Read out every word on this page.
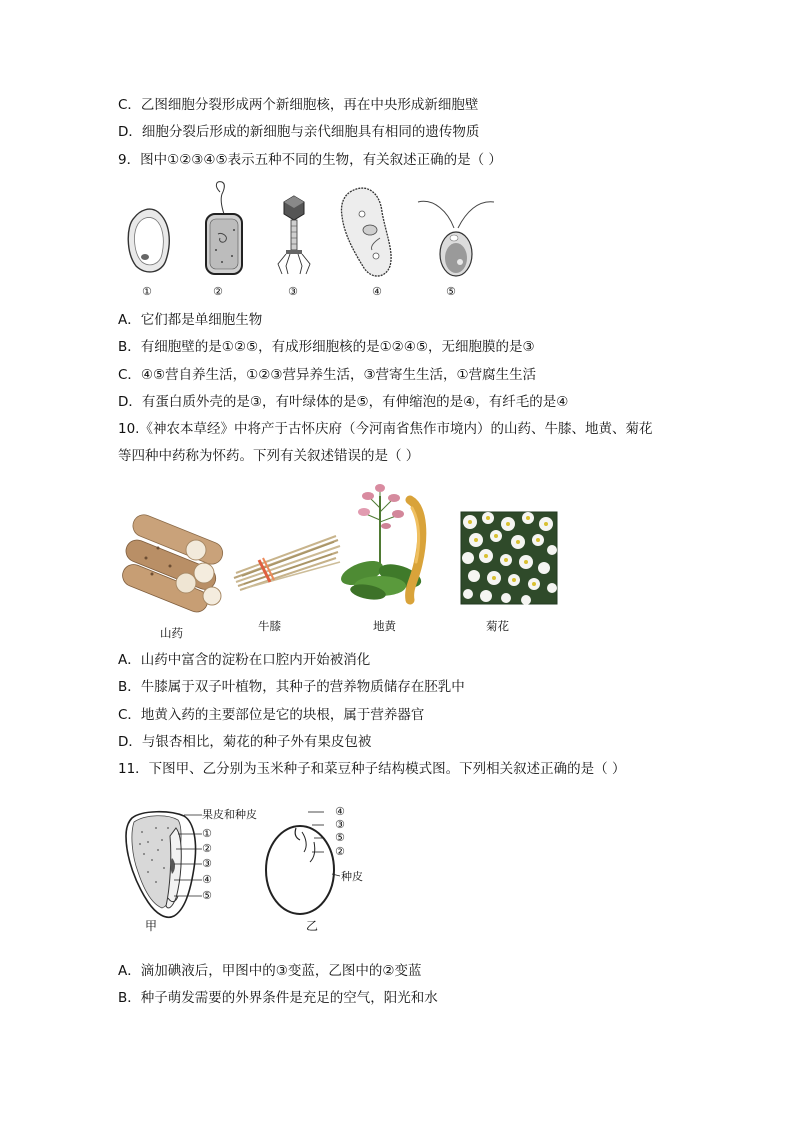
C．乙图细胞分裂形成两个新细胞核，再在中央形成新细胞壁
D．细胞分裂后形成的新细胞与亲代细胞具有相同的遗传物质
9．图中①②③④⑤表示五种不同的生物，有关叙述正确的是（ ）
①	②	③	④	⑤
A．它们都是单细胞生物
B．有细胞壁的是①②⑤，有成形细胞核的是①②④⑤，无细胞膜的是③
C．④⑤营自养生活，①②③营异养生活，③营寄生生活，①营腐生生活
D．有蛋白质外壳的是③，有叶绿体的是⑤，有伸缩泡的是④，有纤毛的是④
10.《神农本草经》中将产于古怀庆府（今河南省焦作市境内）的山药、牛膝、地黄、菊花
等四种中药称为怀药。下列有关叙述错误的是（ ）
山药	牛膝	地黄	菊花
A．山药中富含的淀粉在口腔内开始被消化
B．牛膝属于双子叶植物，其种子的营养物质储存在胚乳中
C．地黄入药的主要部位是它的块根，属于营养器官
D．与银杏相比，菊花的种子外有果皮包被
11．下图甲、乙分别为玉米种子和菜豆种子结构模式图。下列相关叙述正确的是（ ）
果皮和种皮
①
②
③
④
⑤
甲
④
③
⑤
②
种皮
乙
A．滴加碘液后，甲图中的③变蓝，乙图中的②变蓝
B．种子萌发需要的外界条件是充足的空气，阳光和水
